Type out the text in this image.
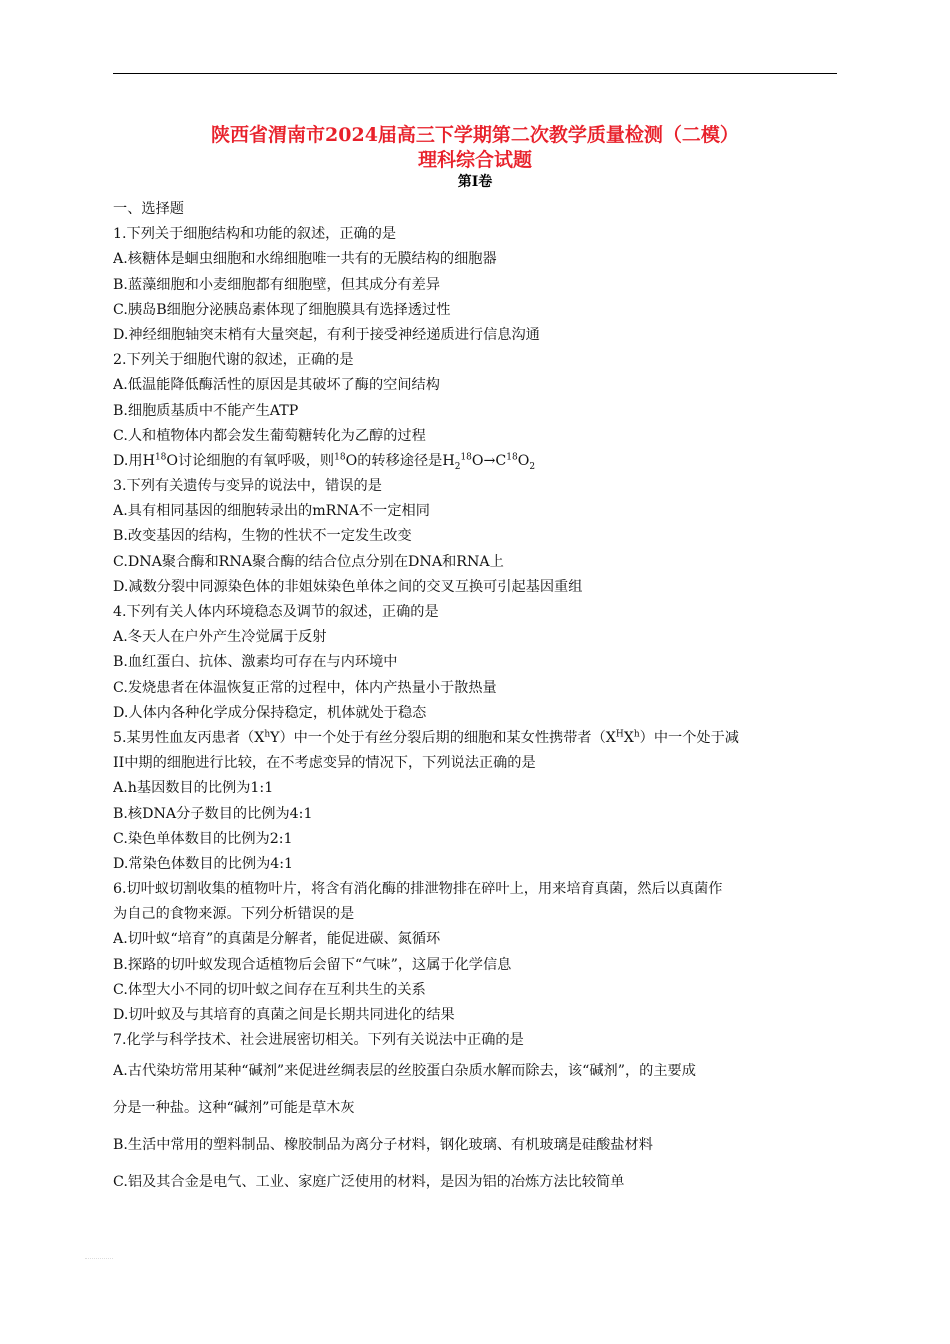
陕西省渭南市2024届高三下学期第二次教学质量检测（二模）
理科综合试题
第Ⅰ卷
一、选择题
1.下列关于细胞结构和功能的叙述，正确的是
A.核糖体是蛔虫细胞和水绵细胞唯一共有的无膜结构的细胞器
B.蓝藻细胞和小麦细胞都有细胞壁，但其成分有差异
C.胰岛B细胞分泌胰岛素体现了细胞膜具有选择透过性
D.神经细胞轴突末梢有大量突起，有利于接受神经递质进行信息沟通
2.下列关于细胞代谢的叙述，正确的是
A.低温能降低酶活性的原因是其破坏了酶的空间结构
B.细胞质基质中不能产生ATP
C.人和植物体内都会发生葡萄糖转化为乙醇的过程
D.用$H^{18}O$讨论细胞的有氧呼吸，则$^{18}$O的转移途径是$H_2^{18}O\to C^{18}O_2$
3.下列有关遗传与变异的说法中，错误的是
A.具有相同基因的细胞转录出的mRNA不一定相同
B.改变基因的结构，生物的性状不一定发生改变
C.DNA聚合酶和RNA聚合酶的结合位点分别在DNA和RNA上
D.减数分裂中同源染色体的非姐妹染色单体之间的交叉互换可引起基因重组
4.下列有关人体内环境稳态及调节的叙述，正确的是
A.冬天人在户外产生冷觉属于反射
B.血红蛋白、抗体、激素均可存在与内环境中
C.发烧患者在体温恢复正常的过程中，体内产热量小于散热量
D.人体内各种化学成分保持稳定，机体就处于稳态
5.某男性血友丙患者$(X^hY)$中一个处于有丝分裂后期的细胞和某女性携带者$(X^HX^h)$中一个处于减
II中期的细胞进行比较，在不考虑变异的情况下，下列说法正确的是
A.h基因数目的比例为1:1
B.核DNA分子数目的比例为4:1
C.染色单体数目的比例为2:1
D.常染色体数目的比例为4:1
6.切叶蚁切割收集的植物叶片，将含有消化酶的排泄物排在碎叶上，用来培育真菌，然后以真菌作
为自己的食物来源。下列分析错误的是
A.切叶蚁“培育”的真菌是分解者，能促进碳、氮循环
B.探路的切叶蚁发现合适植物后会留下“气味”，这属于化学信息
C.体型大小不同的切叶蚁之间存在互利共生的关系
D.切叶蚁及与其培育的真菌之间是长期共同进化的结果
7.化学与科学技术、社会进展密切相关。下列有关说法中正确的是
A.古代染坊常用某种“碱剂”来促进丝绸表层的丝胶蛋白杂质水解而除去，该“碱剂”，的主要成
分是一种盐。这种“碱剂”可能是草木灰
B.生活中常用的塑料制品、橡胶制品为离分子材料，钢化玻璃、有机玻璃是硅酸盐材料
C.铝及其合金是电气、工业、家庭广泛使用的材料，是因为铝的冶炼方法比较简单
